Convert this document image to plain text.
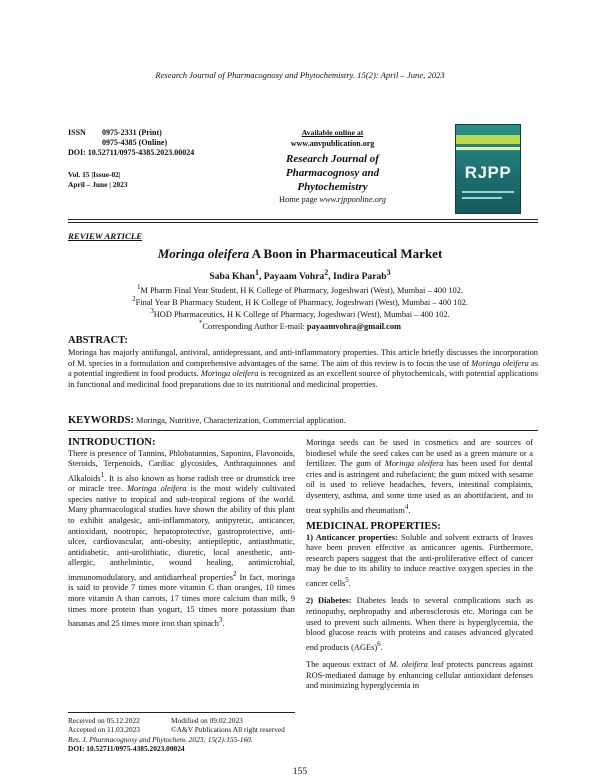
Research Journal of Pharmacognosy and Phytochemistry. 15(2): April – June, 2023
ISSN	0975-2331 (Print)
	0975-4385 (Online)
DOI: 10.52711/0975-4385.2023.00024	
Vol. 15 |Issue-02|
April – June | 2023
Available online at
www.anvpublication.org
Research Journal of
Pharmacognosy and Phytochemistry
Home page www.rjpponline.org
RJPP
REVIEW ARTICLE
Moringa oleifera A Boon in Pharmaceutical Market
Saba Khan$^1$, Payaam Vohra$^2$, Indira Parab$^3$
$^1$M Pharm Final Year Student, H K College of Pharmacy, Jogeshwari (West), Mumbai – 400 102.
$^2$Final Year B Pharmacy Student, H K College of Pharmacy, Jogeshwari (West), Mumbai – 400 102.
$^3$HOD Pharmaceutics, H K College of Pharmacy, Jogeshwari (West), Mumbai – 400 102.
*Corresponding Author E-mail: payaamvohra@gmail.com
ABSTRACT:
Moringa has majorly antifungal, antiviral, antidepressant, and anti-inflammatory properties. This article briefly discusses the incorporation of M. species in a formulation and comprehensive advantages of the same. The aim of this review is to focus the use of Moringa oleifera as a potential ingredient in food products. Moringa oleifera is recognized as an excellent source of phytochemicals, with potential applications in functional and medicinal food preparations due to its nutritional and medicinal properties.
KEYWORDS: Moringa, Nutritive, Characterization, Commercial application.
INTRODUCTION:

There is presence of Tannins, Phlobatannins, Saponins, Flavonoids, Steroids, Terpenoids, Cardiac glycosides, Anthraquinones and Alkaloids$^1$. It is also known as horse radish tree or drumstick tree or miracle tree. Moringa oleifera is the most widely cultivated species native to tropical and sub-tropical regions of the world. Many pharmacological studies have shown the ability of this plant to exhibit analgesic, anti-inflammatory, antipyretic, anticancer, antioxidant, nootropic, hepatoprotective, gastroprotective, anti-ulcer, cardiovascular, anti-obesity, antiepileptic, antiasthmatic, antidiabetic, anti-urolithiatic, diuretic, local anesthetic, anti-allergic, anthelmintic, wound healing, antimicrobial, immunomodulatory, and antidiarrheal properties$^2$ In fact, moringa is said to provide 7 times more vitamin C than oranges, 10 times more vitamin A than carrots, 17 times more calcium than milk, 9 times more protein than yogurt, 15 times more potassium than bananas and 25 times more iron than spinach$^3$.

Moringa seeds can be used in cosmetics and are sources of biodiesel while the seed cakes can be used as a green manure or a fertilizer. The gum of Moringa oleifera has been used for dental cries and is astringent and rubefacient; the gum mixed with sesame oil is used to relieve headaches, fevers, intestinal complaints, dysentery, asthma, and some time used as an abortifacient, and to treat syphilis and rheumatism$^4$.

MEDICINAL PROPERTIES:

1) Anticancer properties: Soluble and solvent extracts of leaves have been proven effective as anticancer agents. Furthermore, research papers suggest that the anti-proliferative effect of cancer may be due to its ability to induce reactive oxygen species in the cancer cells$^5$.

2) Diabetes: Diabetes leads to several complications such as retinopathy, nephropathy and atherosclerosis etc. Moringa can be used to prevent such ailments. When there is hyperglycemia, the blood glucose reacts with proteins and causes advanced glycated end products (AGEs)$^6$.

The aqueous extract of M. oleifera leaf protects pancreas against ROS-mediated damage by enhancing cellular antioxidant defenses and minimizing hyperglycemia in

Received on 05.12.2022	Modified on 09.02.2023
Accepted on 11.03.2023	©A&V Publications All right reserved
Res. J. Pharmacognosy and Phytochem. 2023; 15(2):155-160.
DOI: 10.52711/0975-4385.2023.00024
155
